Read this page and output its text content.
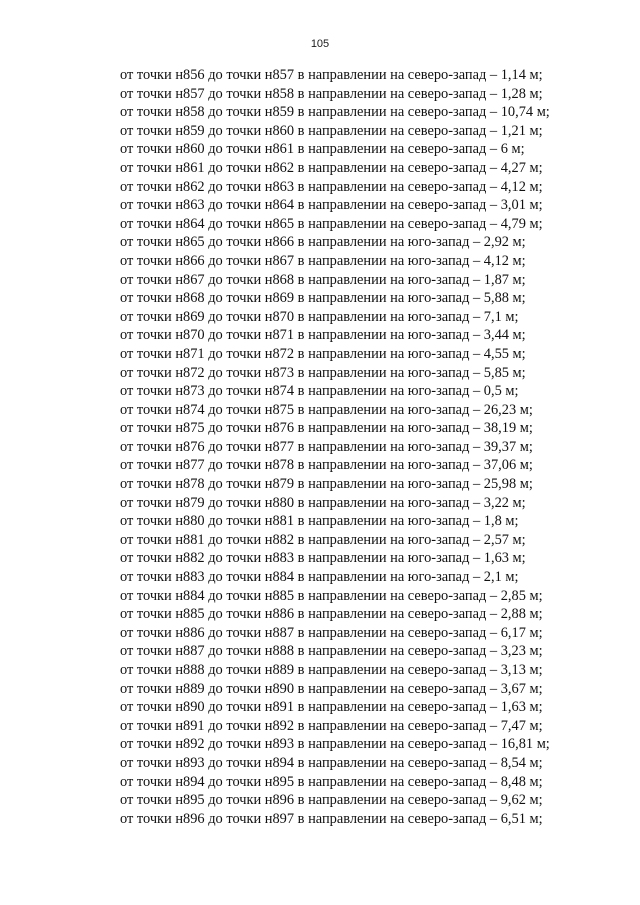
105
от точки н856 до точки н857 в направлении на северо-запад – 1,14 м;
от точки н857 до точки н858 в направлении на северо-запад – 1,28 м;
от точки н858 до точки н859 в направлении на северо-запад – 10,74 м;
от точки н859 до точки н860 в направлении на северо-запад – 1,21 м;
от точки н860 до точки н861 в направлении на северо-запад – 6 м;
от точки н861 до точки н862 в направлении на северо-запад – 4,27 м;
от точки н862 до точки н863 в направлении на северо-запад – 4,12 м;
от точки н863 до точки н864 в направлении на северо-запад – 3,01 м;
от точки н864 до точки н865 в направлении на северо-запад – 4,79 м;
от точки н865 до точки н866 в направлении на юго-запад – 2,92 м;
от точки н866 до точки н867 в направлении на юго-запад – 4,12 м;
от точки н867 до точки н868 в направлении на юго-запад – 1,87 м;
от точки н868 до точки н869 в направлении на юго-запад – 5,88 м;
от точки н869 до точки н870 в направлении на юго-запад – 7,1 м;
от точки н870 до точки н871 в направлении на юго-запад – 3,44 м;
от точки н871 до точки н872 в направлении на юго-запад – 4,55 м;
от точки н872 до точки н873 в направлении на юго-запад – 5,85 м;
от точки н873 до точки н874 в направлении на юго-запад – 0,5 м;
от точки н874 до точки н875 в направлении на юго-запад – 26,23 м;
от точки н875 до точки н876 в направлении на юго-запад – 38,19 м;
от точки н876 до точки н877 в направлении на юго-запад – 39,37 м;
от точки н877 до точки н878 в направлении на юго-запад – 37,06 м;
от точки н878 до точки н879 в направлении на юго-запад – 25,98 м;
от точки н879 до точки н880 в направлении на юго-запад – 3,22 м;
от точки н880 до точки н881 в направлении на юго-запад – 1,8 м;
от точки н881 до точки н882 в направлении на юго-запад – 2,57 м;
от точки н882 до точки н883 в направлении на юго-запад – 1,63 м;
от точки н883 до точки н884 в направлении на юго-запад – 2,1 м;
от точки н884 до точки н885 в направлении на северо-запад – 2,85 м;
от точки н885 до точки н886 в направлении на северо-запад – 2,88 м;
от точки н886 до точки н887 в направлении на северо-запад – 6,17 м;
от точки н887 до точки н888 в направлении на северо-запад – 3,23 м;
от точки н888 до точки н889 в направлении на северо-запад – 3,13 м;
от точки н889 до точки н890 в направлении на северо-запад – 3,67 м;
от точки н890 до точки н891 в направлении на северо-запад – 1,63 м;
от точки н891 до точки н892 в направлении на северо-запад – 7,47 м;
от точки н892 до точки н893 в направлении на северо-запад – 16,81 м;
от точки н893 до точки н894 в направлении на северо-запад – 8,54 м;
от точки н894 до точки н895 в направлении на северо-запад – 8,48 м;
от точки н895 до точки н896 в направлении на северо-запад – 9,62 м;
от точки н896 до точки н897 в направлении на северо-запад – 6,51 м;
